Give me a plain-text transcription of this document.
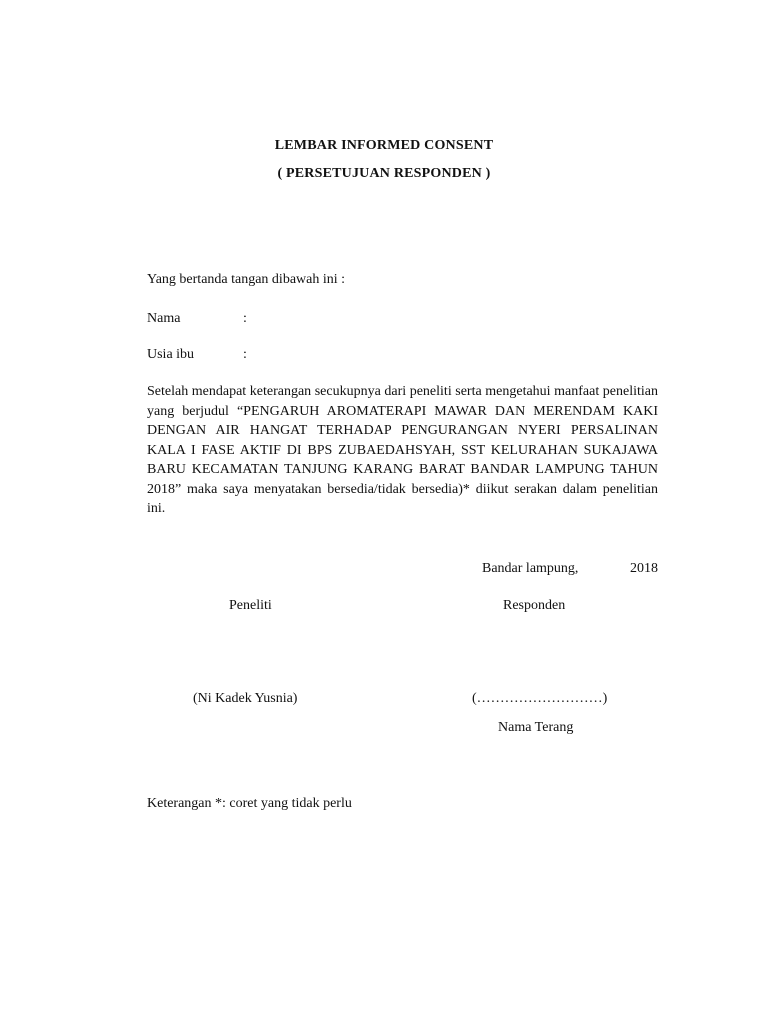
LEMBAR INFORMED CONSENT
( PERSETUJUAN RESPONDEN )
Yang bertanda tangan dibawah ini :
Nama	:
Usia ibu	:
Setelah mendapat keterangan secukupnya dari peneliti serta mengetahui manfaat penelitian yang berjudul “PENGARUH AROMATERAPI MAWAR DAN MERENDAM KAKI DENGAN AIR HANGAT TERHADAP PENGURANGAN NYERI PERSALINAN KALA I FASE AKTIF DI BPS ZUBAEDAHSYAH, SST KELURAHAN SUKAJAWA BARU KECAMATAN TANJUNG KARANG BARAT BANDAR LAMPUNG TAHUN 2018” maka saya menyatakan bersedia/tidak bersedia)* diikut serakan dalam penelitian ini.
Bandar lampung,	2018
Peneliti	Responden
(Ni Kadek Yusnia)	(………………………)
Nama Terang
Keterangan *: coret yang tidak perlu
